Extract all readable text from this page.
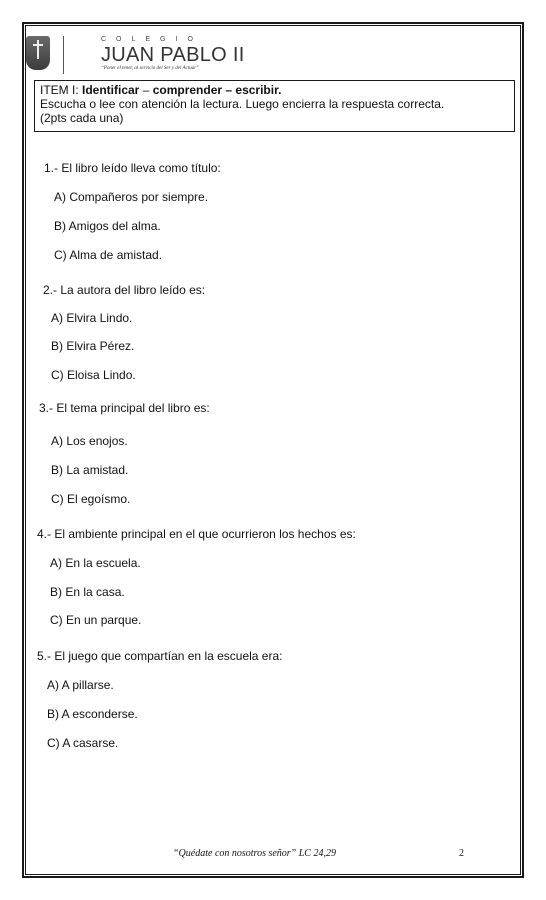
COLEGIO
JUAN PABLO II
“Poner el tener, al servicio del Ser y del Actuar”
ITEM I: Identificar – comprender – escribir.
Escucha o lee con atención la lectura. Luego encierra la respuesta correcta.
(2pts cada una)
1.- El libro leído lleva como título:
A) Compañeros por siempre.
B) Amigos del alma.
C) Alma de amistad.
2.- La autora del libro leído es:
A) Elvira Lindo.
B) Elvira Pérez.
C) Eloisa Lindo.
3.- El tema principal del libro es:
A) Los enojos.
B) La amistad.
C) El egoísmo.
4.- El ambiente principal en el que ocurrieron los hechos es:
A) En la escuela.
B) En la casa.
C) En un parque.
5.- El juego que compartían en la escuela era:
A) A pillarse.
B) A esconderse.
C) A casarse.
“Quédate con nosotros señor” LC 24,29	2
